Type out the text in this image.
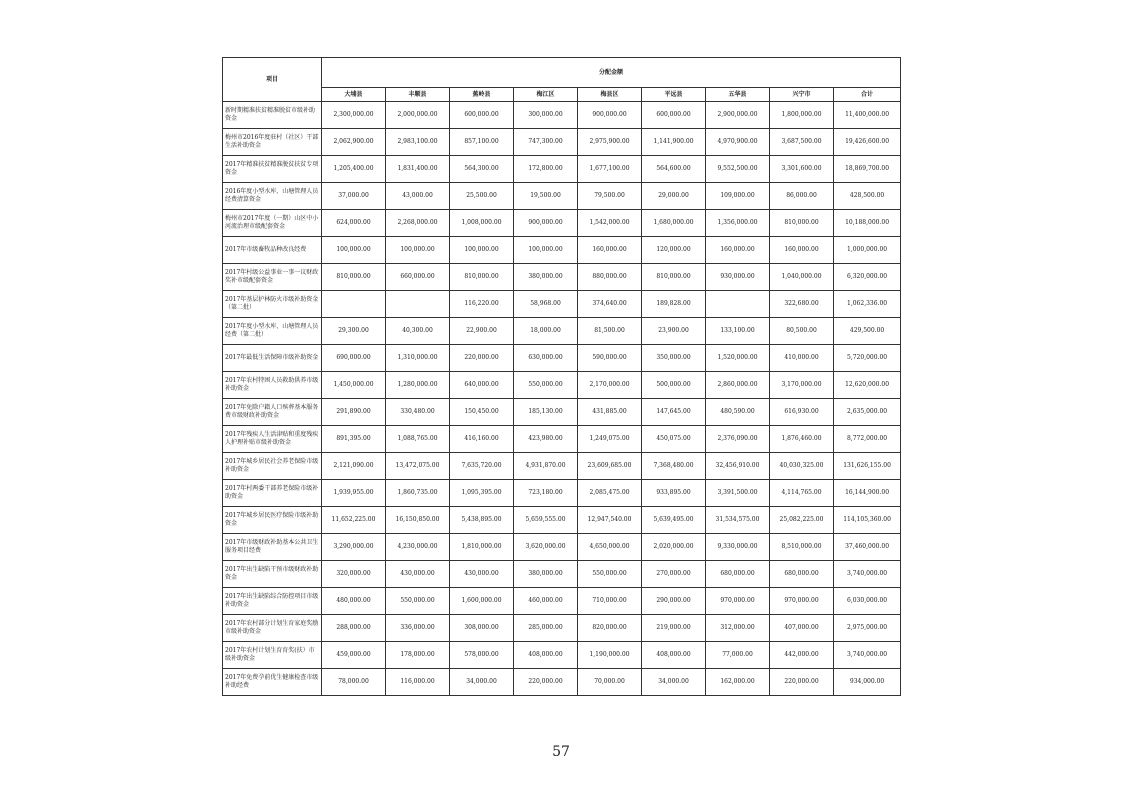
项目	分配金额								
	大埔县	丰顺县	蕉岭县	梅江区	梅县区	平远县	五华县	兴宁市	合计
新时期精准扶贫精准脱贫市级补助资金	2,300,000.00	2,000,000.00	600,000.00	300,000.00	900,000.00	600,000.00	2,900,000.00	1,800,000.00	11,400,000.00
梅州市2016年度驻村（社区）干部生活补助资金	2,062,900.00	2,983,100.00	857,100.00	747,300.00	2,975,900.00	1,141,900.00	4,970,900.00	3,687,500.00	19,426,600.00
2017年精准扶贫精准脱贫扶贫专项资金	1,205,400.00	1,831,400.00	564,300.00	172,800.00	1,677,100.00	564,600.00	9,552,500.00	3,301,600.00	18,869,700.00
2016年度小型水库、山塘管理人员经费清算资金	37,000.00	43,000.00	25,500.00	19,500.00	79,500.00	29,000.00	109,000.00	86,000.00	428,500.00
梅州市2017年度（一期）山区中小河流治理市级配套资金	624,000.00	2,268,000.00	1,008,000.00	900,000.00	1,542,000.00	1,680,000.00	1,356,000.00	810,000.00	10,188,000.00
2017年市级畜牧品种改良经费	100,000.00	100,000.00	100,000.00	100,000.00	160,000.00	120,000.00	160,000.00	160,000.00	1,000,000.00
2017年村级公益事业一事一议财政奖补市级配套资金	810,000.00	660,000.00	810,000.00	380,000.00	880,000.00	810,000.00	930,000.00	1,040,000.00	6,320,000.00
2017年基层护林防火市级补助资金（第二批）			116,220.00	58,968.00	374,640.00	189,828.00		322,680.00	1,062,336.00
2017年度小型水库、山塘管理人员经费（第二批）	29,300.00	40,300.00	22,900.00	18,000.00	81,500.00	23,900.00	133,100.00	80,500.00	429,500.00
2017年最低生活保障市级补助资金	690,000.00	1,310,000.00	220,000.00	630,000.00	590,000.00	350,000.00	1,520,000.00	410,000.00	5,720,000.00
2017年农村特困人员救助供养市级补助资金	1,450,000.00	1,280,000.00	640,000.00	550,000.00	2,170,000.00	500,000.00	2,860,000.00	3,170,000.00	12,620,000.00
2017年免除户籍人口殡葬基本服务费市级财政补助资金	291,890.00	330,480.00	150,450.00	185,130.00	431,885.00	147,645.00	480,590.00	616,930.00	2,635,000.00
2017年残疾人生活津贴和重度残疾人护理补贴市级补助资金	891,395.00	1,088,765.00	416,160.00	423,980.00	1,249,075.00	450,075.00	2,376,090.00	1,876,460.00	8,772,000.00
2017年城乡居民社会养老保险市级补助资金	2,121,090.00	13,472,075.00	7,635,720.00	4,931,870.00	23,609,685.00	7,368,480.00	32,456,910.00	40,030,325.00	131,626,155.00
2017年村两委干部养老保险市级补助资金	1,939,955.00	1,860,735.00	1,095,395.00	723,180.00	2,085,475.00	933,895.00	3,391,500.00	4,114,765.00	16,144,900.00
2017年城乡居民医疗保险市级补助资金	11,652,225.00	16,150,850.00	5,438,895.00	5,659,555.00	12,947,540.00	5,639,495.00	31,534,575.00	25,082,225.00	114,105,360.00
2017年市级财政补助基本公共卫生服务项目经费	3,290,000.00	4,230,000.00	1,810,000.00	3,620,000.00	4,650,000.00	2,020,000.00	9,330,000.00	8,510,000.00	37,460,000.00
2017年出生缺陷干预市级财政补助资金	320,000.00	430,000.00	430,000.00	380,000.00	550,000.00	270,000.00	680,000.00	680,000.00	3,740,000.00
2017年出生缺陷综合防控项目市级补助资金	480,000.00	550,000.00	1,600,000.00	460,000.00	710,000.00	290,000.00	970,000.00	970,000.00	6,030,000.00
2017年农村部分计划生育家庭奖励市级补助资金	288,000.00	336,000.00	308,000.00	285,000.00	820,000.00	219,000.00	312,000.00	407,000.00	2,975,000.00
2017年农村计划生育育奖(扶）市级补助资金	459,000.00	178,000.00	578,000.00	408,000.00	1,190,000.00	408,000.00	77,000.00	442,000.00	3,740,000.00
2017年免费孕前优生健康检查市级补助经费	78,000.00	116,000.00	34,000.00	220,000.00	70,000.00	34,000.00	162,000.00	220,000.00	934,000.00
57
